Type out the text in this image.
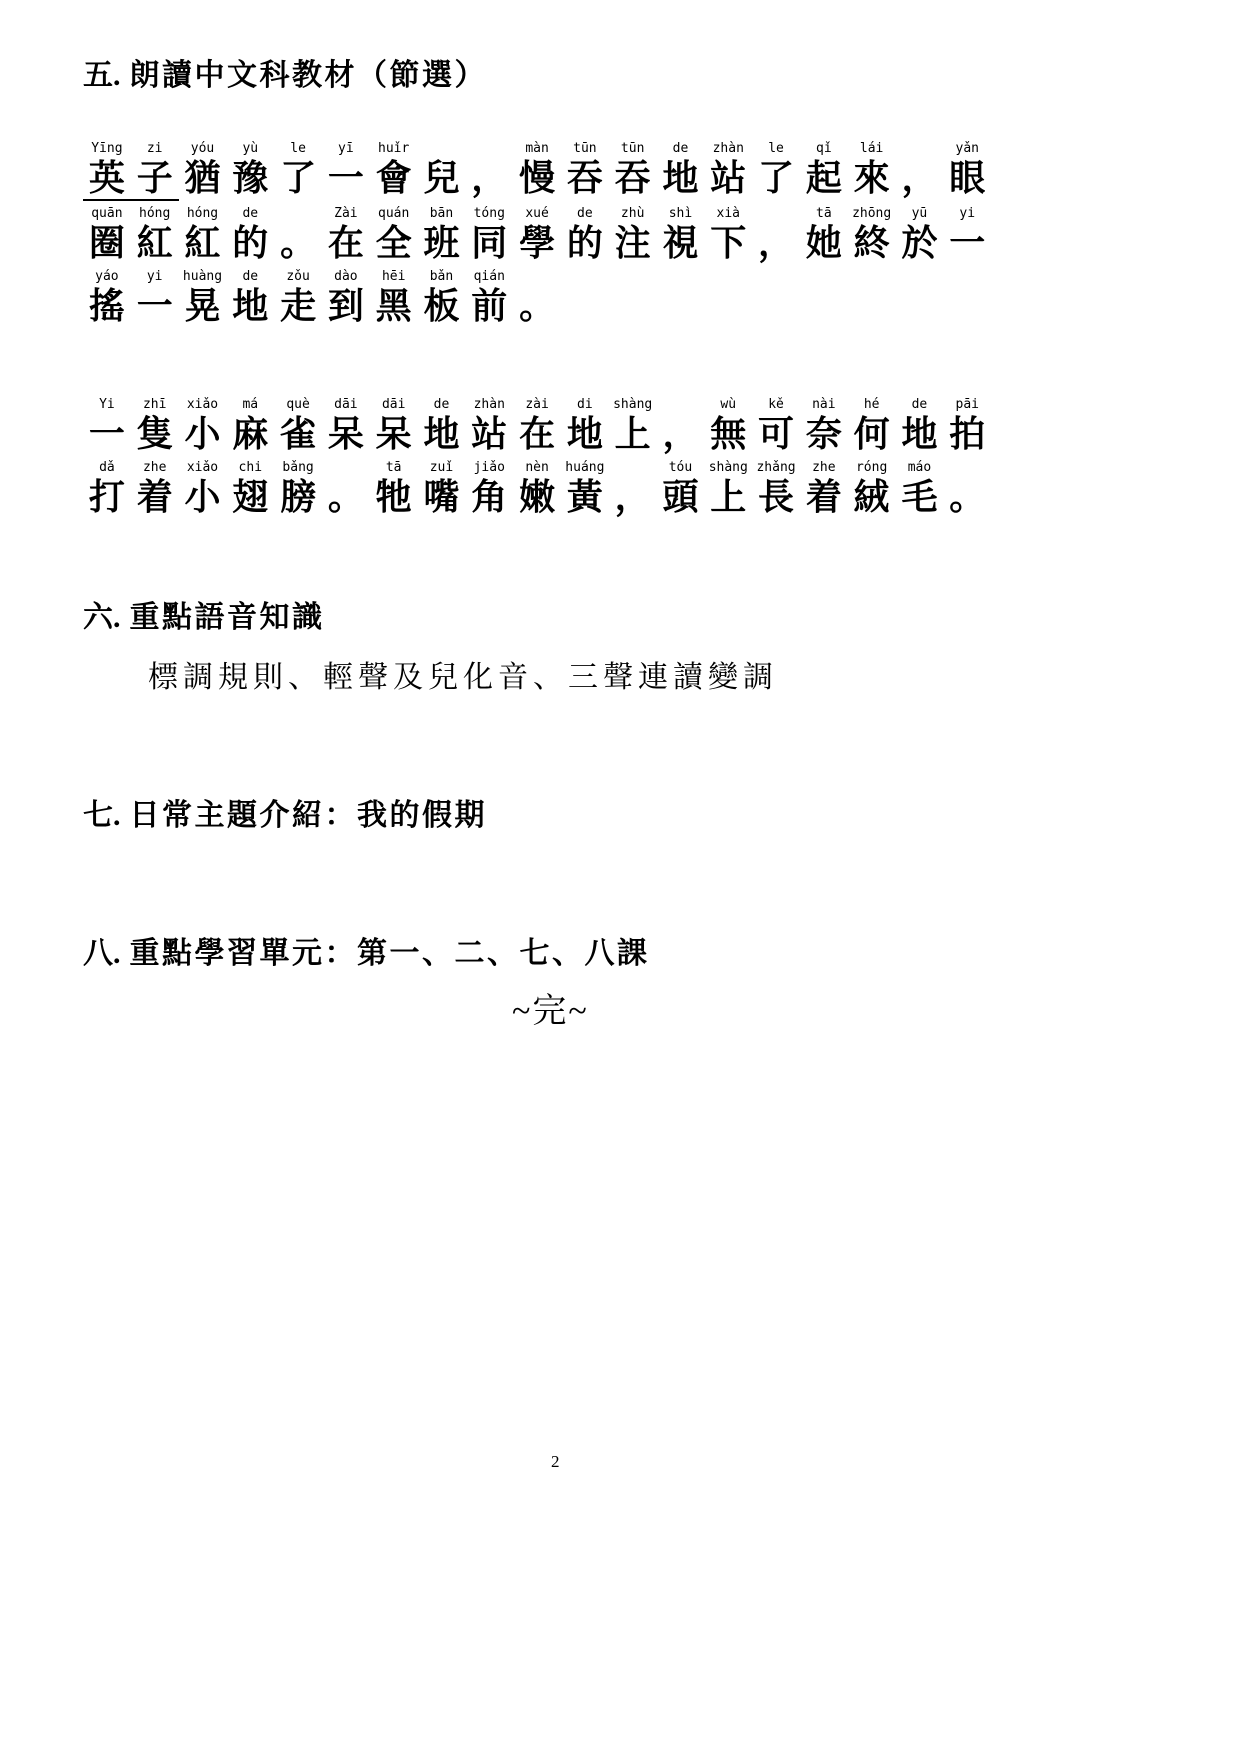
五. 朗讀中文科教材（節選）
Yīng
英
zi
子
yóu
猶
yù
豫
le
了
yī
一
huǐr
會 兒 ，
màn
慢
tūn
吞
tūn
吞
de
地
zhàn
站
le
了
qǐ
起
lái
來 ，
yǎn
眼
quān
圈
hóng
紅
hóng
紅
de
的 。
Zài
在
quán
全
bān
班
tóng
同
xué
學
de
的
zhù
注
shì
視
xià
下 ，
tā
她
zhōng
終
yū
於
yi
一
yáo
搖
yi
一
huàng
晃
de
地
zǒu
走
dào
到
hēi
黑
bǎn
板
qián
前 。
Yi
一
zhī
隻
xiǎo
小
má
麻
què
雀
dāi
呆
dāi
呆
de
地
zhàn
站
zài
在
di
地
shàng
上 ，
wù
無
kě
可
nài
奈
hé
何
de
地
pāi
拍
dǎ
打
zhe
着
xiǎo
小
chi
翅
bǎng
膀 。
tā
牠
zuǐ
嘴
jiǎo
角
nèn
嫩
huáng
黃 ，
tóu
頭
shàng
上
zhǎng
長
zhe
着
róng
絨
máo
毛 。
六. 重點語音知識
標調規則、輕聲及兒化音、三聲連讀變調
七. 日常主題介紹：我的假期
八. 重點學習單元：第一、二、七、八課
~完~
2
